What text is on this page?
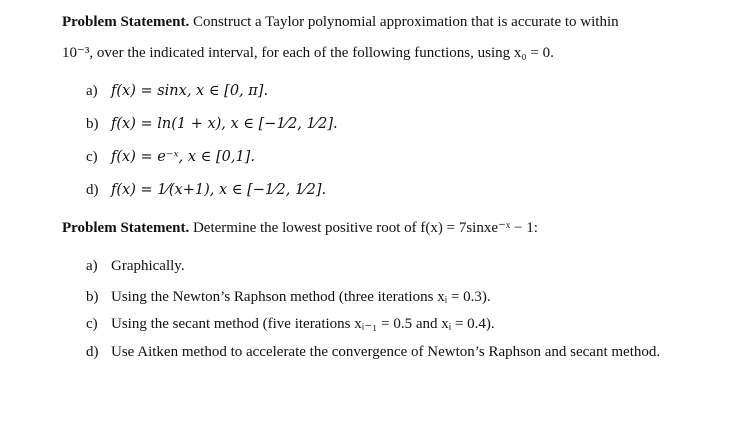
Problem Statement. Construct a Taylor polynomial approximation that is accurate to within
10⁻³, over the indicated interval, for each of the following functions, using x₀ = 0.
a) f(x) = sinx, x ∈ [0, π].
b) f(x) = ln(1 + x), x ∈ [−1⁄2, 1⁄2].
c) f(x) = e⁻ˣ, x ∈ [0,1].
d) f(x) = 1⁄(x+1), x ∈ [−1⁄2, 1⁄2].
Problem Statement. Determine the lowest positive root of f(x) = 7sinxe⁻ˣ − 1:
a) Graphically.
b) Using the Newton’s Raphson method (three iterations xᵢ = 0.3).
c) Using the secant method (five iterations xᵢ₋₁ = 0.5 and xᵢ = 0.4).
d) Use Aitken method to accelerate the convergence of Newton’s Raphson and secant method.
